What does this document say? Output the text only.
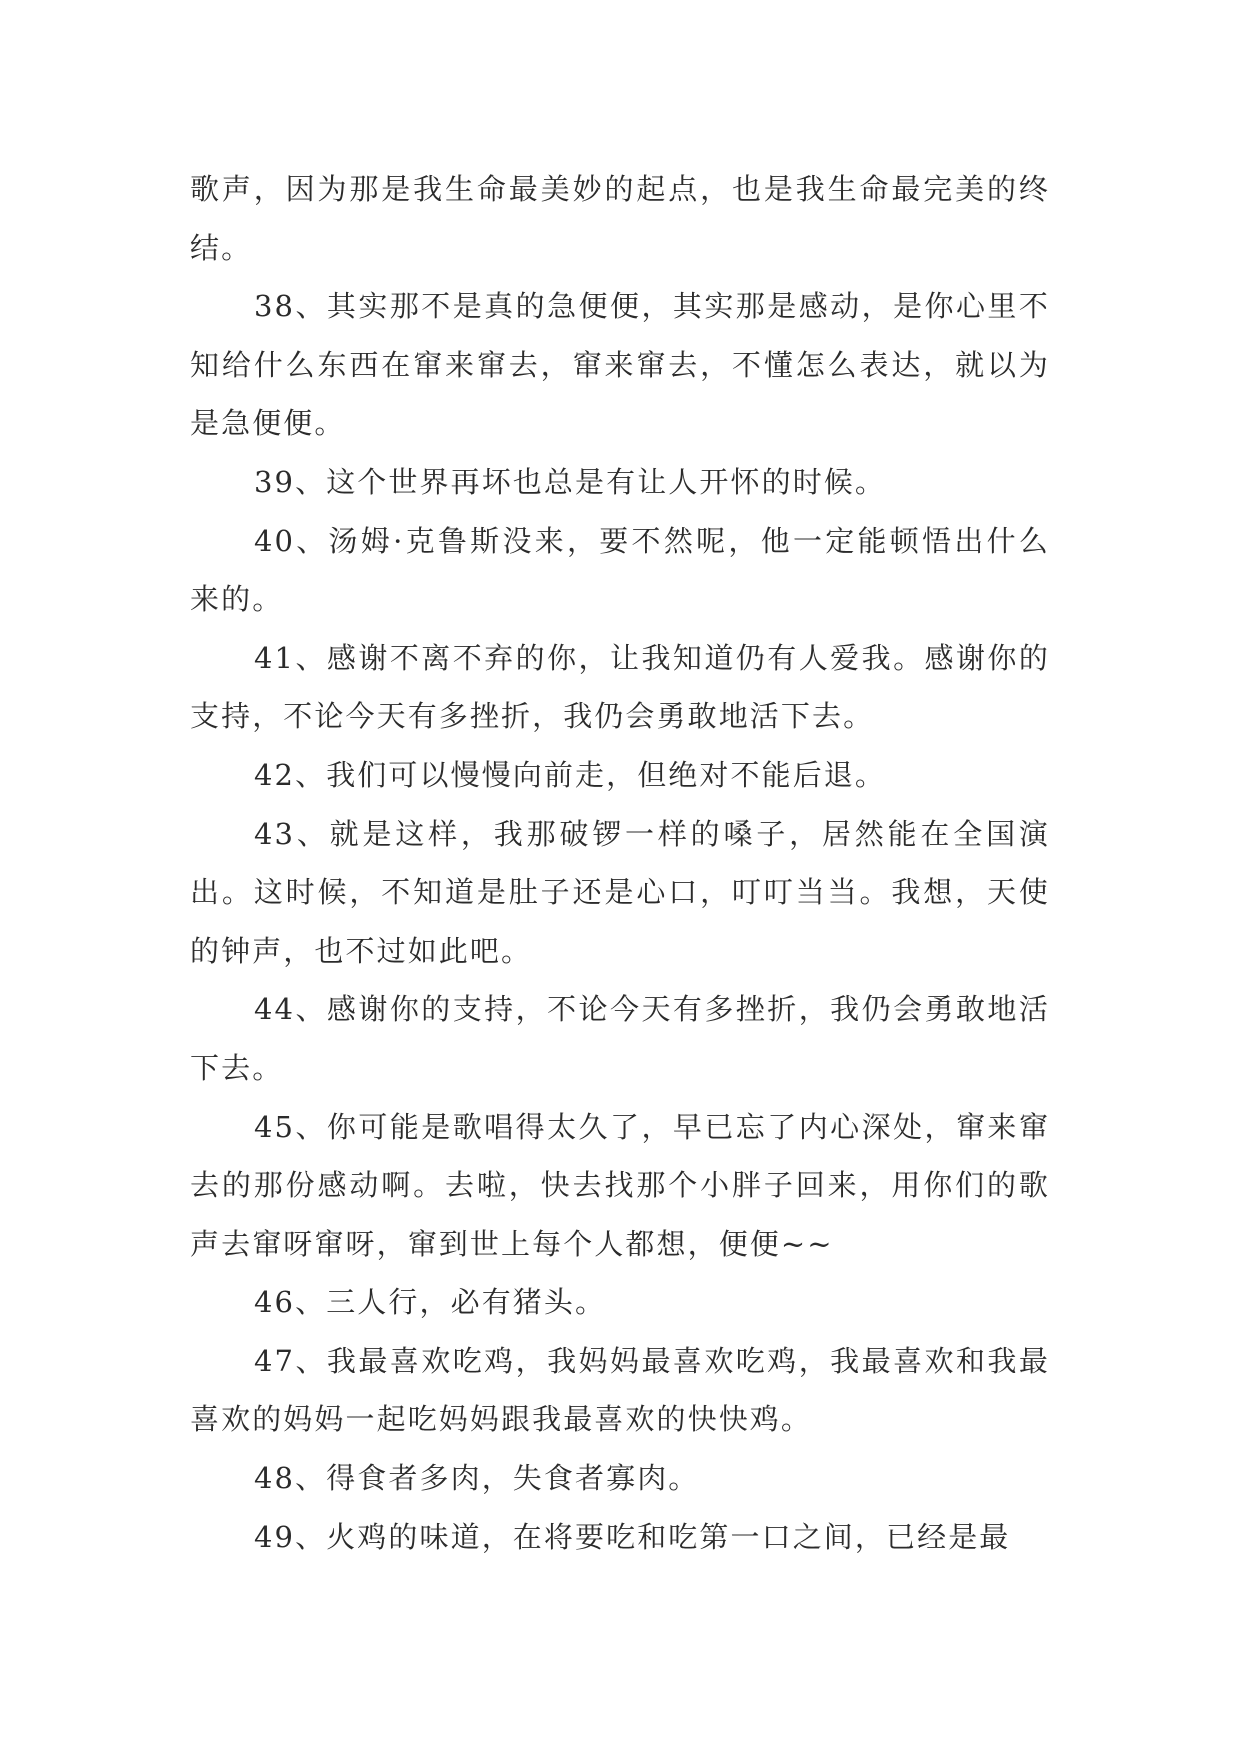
歌声，因为那是我生命最美妙的起点，也是我生命最完美的终结。

38、其实那不是真的急便便，其实那是感动，是你心里不知给什么东西在窜来窜去，窜来窜去，不懂怎么表达，就以为是急便便。

39、这个世界再坏也总是有让人开怀的时候。

40、汤姆·克鲁斯没来，要不然呢，他一定能顿悟出什么来的。

41、感谢不离不弃的你，让我知道仍有人爱我。感谢你的支持，不论今天有多挫折，我仍会勇敢地活下去。

42、我们可以慢慢向前走，但绝对不能后退。

43、就是这样，我那破锣一样的嗓子，居然能在全国演出。这时候，不知道是肚子还是心口，叮叮当当。我想，天使的钟声，也不过如此吧。

44、感谢你的支持，不论今天有多挫折，我仍会勇敢地活下去。

45、你可能是歌唱得太久了，早已忘了内心深处，窜来窜去的那份感动啊。去啦，快去找那个小胖子回来，用你们的歌声去窜呀窜呀，窜到世上每个人都想，便便~~

46、三人行，必有猪头。

47、我最喜欢吃鸡，我妈妈最喜欢吃鸡，我最喜欢和我最喜欢的妈妈一起吃妈妈跟我最喜欢的快快鸡。

48、得食者多肉，失食者寡肉。

49、火鸡的味道，在将要吃和吃第一口之间，已经是最
